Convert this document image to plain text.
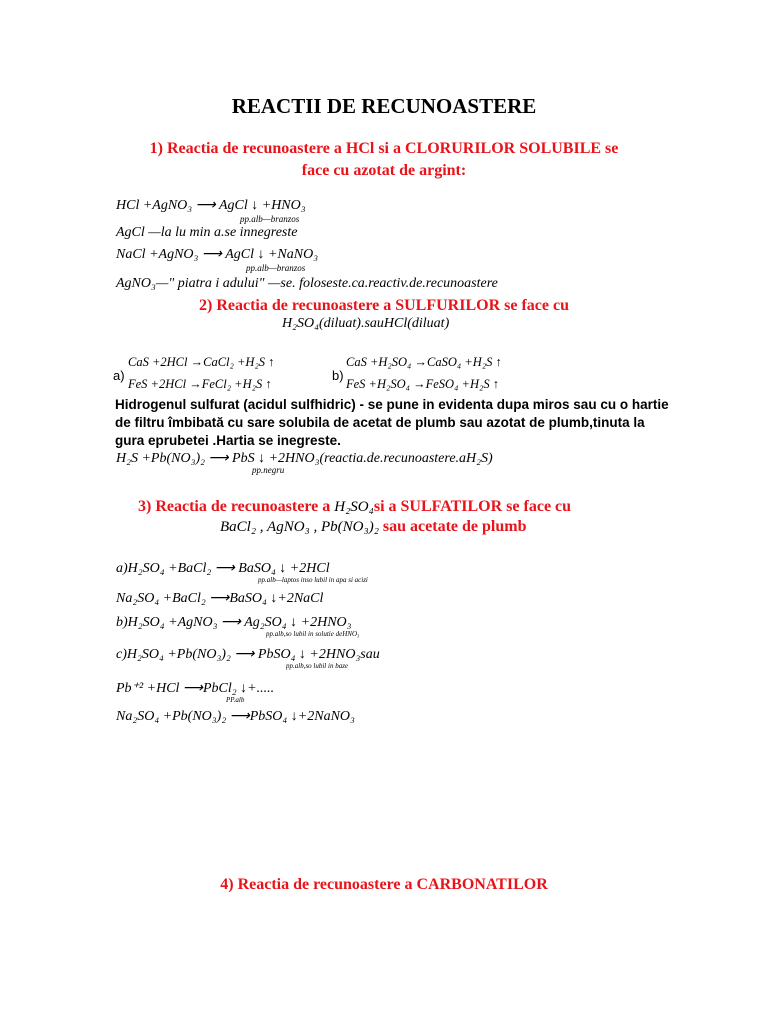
REACTII DE RECUNOASTERE
1) Reactia de recunoastere a HCl si a CLORURILOR SOLUBILE se
face cu azotat de argint:
HCl +AgNO₃ ⟶ AgCl ↓ +HNO₃
pp.alb—branzos
AgCl —la lu min a.se innegreste
NaCl +AgNO₃ ⟶ AgCl ↓ +NaNO₃
pp.alb—branzos
AgNO₃—" piatra i adului" —se. foloseste.ca.reactiv.de.recunoastere
2) Reactia de recunoastere a SULFURILOR se face cu
H₂SO₄(diluat).sauHCl(diluat)
a)
CaS +2HCl →CaCl₂ +H₂S ↑
FeS +2HCl →FeCl₂ +H₂S ↑
b)
CaS +H₂SO₄ →CaSO₄ +H₂S ↑
FeS +H₂SO₄ →FeSO₄ +H₂S ↑
Hidrogenul sulfurat (acidul sulfhidric) - se pune in evidenta dupa miros sau cu o hartie de filtru îmbibată cu sare solubila de acetat de plumb sau azotat de plumb,tinuta la gura eprubetei .Hartia se inegreste.
H₂S +Pb(NO₃)₂ ⟶ PbS ↓ +2HNO₃(reactia.de.recunoastere.aH₂S)
pp.negru
3) Reactia de recunoastere a H₂SO₄si a SULFATILOR se face cu
BaCl₂ , AgNO₃ , Pb(NO₃)₂ sau acetate de plumb
a)H₂SO₄ +BaCl₂ ⟶ BaSO₄ ↓ +2HCl
pp.alb—laptos inso lubil in apa si acizi
Na₂SO₄ +BaCl₂ ⟶BaSO₄ ↓+2NaCl
b)H₂SO₄ +AgNO₃ ⟶ Ag₂SO₄ ↓ +2HNO₃
pp.alb,so lubil in solutie deHNO₃
c)H₂SO₄ +Pb(NO₃)₂ ⟶ PbSO₄ ↓ +2HNO₃sau
pp.alb,so lubil in baze
Pb⁺² +HCl ⟶PbCl₂ ↓+.....
PP.alb
Na₂SO₄ +Pb(NO₃)₂ ⟶PbSO₄ ↓+2NaNO₃
4) Reactia de recunoastere a CARBONATILOR
